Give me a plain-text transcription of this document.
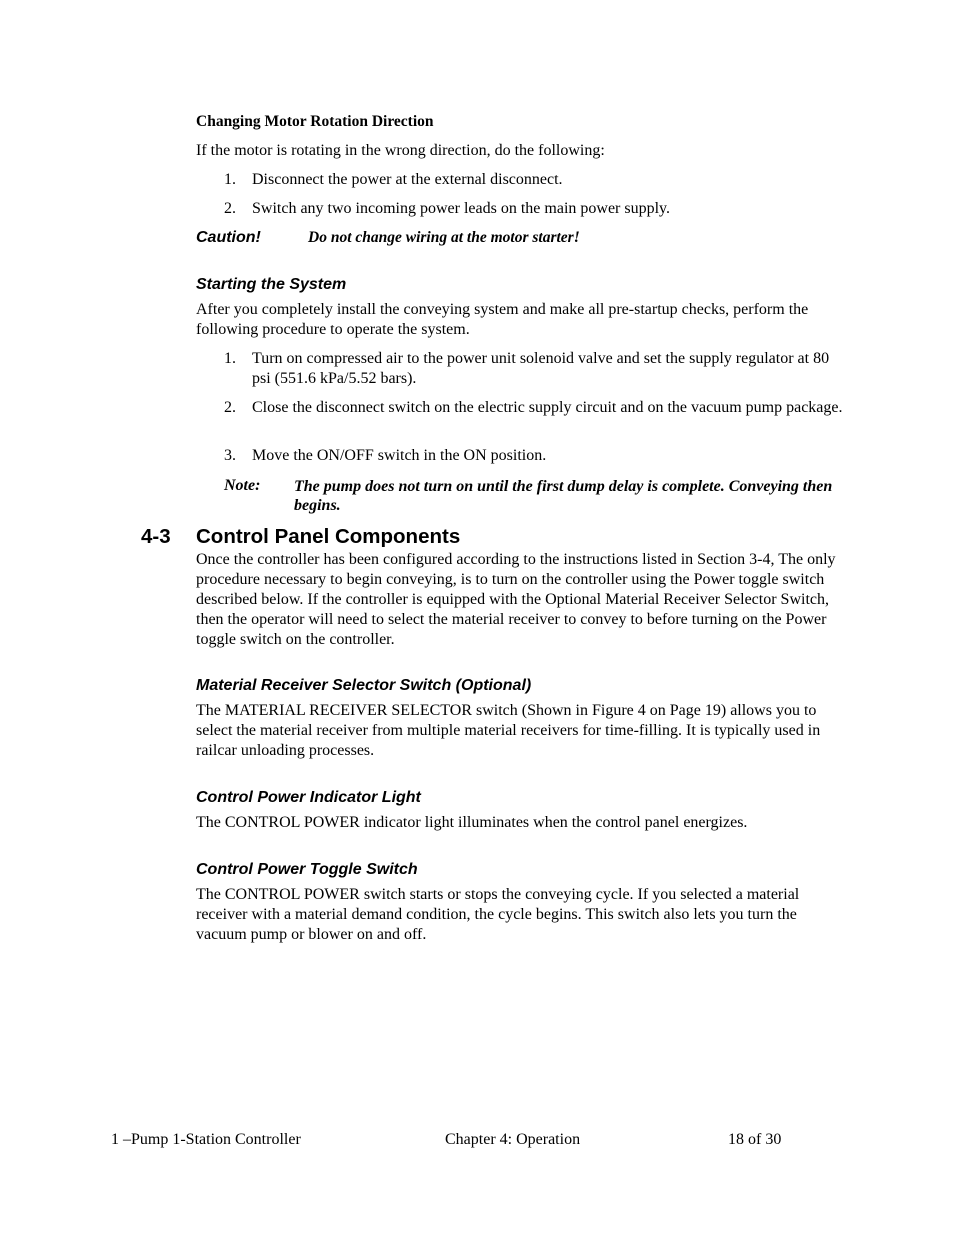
Changing Motor Rotation Direction
If the motor is rotating in the wrong direction, do the following:
1. Disconnect the power at the external disconnect.
2. Switch any two incoming power leads on the main power supply.
Caution!	Do not change wiring at the motor starter!
Starting the System
After you completely install the conveying system and make all pre-startup checks, perform the following procedure to operate the system.
1. Turn on compressed air to the power unit solenoid valve and set the supply regulator at 80 psi (551.6 kPa/5.52 bars).
2. Close the disconnect switch on the electric supply circuit and on the vacuum pump package.
3. Move the ON/OFF switch in the ON position.
Note: The pump does not turn on until the first dump delay is complete. Conveying then begins.
4-3 Control Panel Components
Once the controller has been configured according to the instructions listed in Section 3-4, The only procedure necessary to begin conveying, is to turn on the controller using the Power toggle switch described below. If the controller is equipped with the Optional Material Receiver Selector Switch, then the operator will need to select the material receiver to convey to before turning on the Power toggle switch on the controller.
Material Receiver Selector Switch (Optional)
The MATERIAL RECEIVER SELECTOR switch (Shown in Figure 4 on Page 19) allows you to select the material receiver from multiple material receivers for time-filling. It is typically used in railcar unloading processes.
Control Power Indicator Light
The CONTROL POWER indicator light illuminates when the control panel energizes.
Control Power Toggle Switch
The CONTROL POWER switch starts or stops the conveying cycle. If you selected a material receiver with a material demand condition, the cycle begins. This switch also lets you turn the vacuum pump or blower on and off.
1 –Pump 1-Station Controller	Chapter 4: Operation	18 of 30
